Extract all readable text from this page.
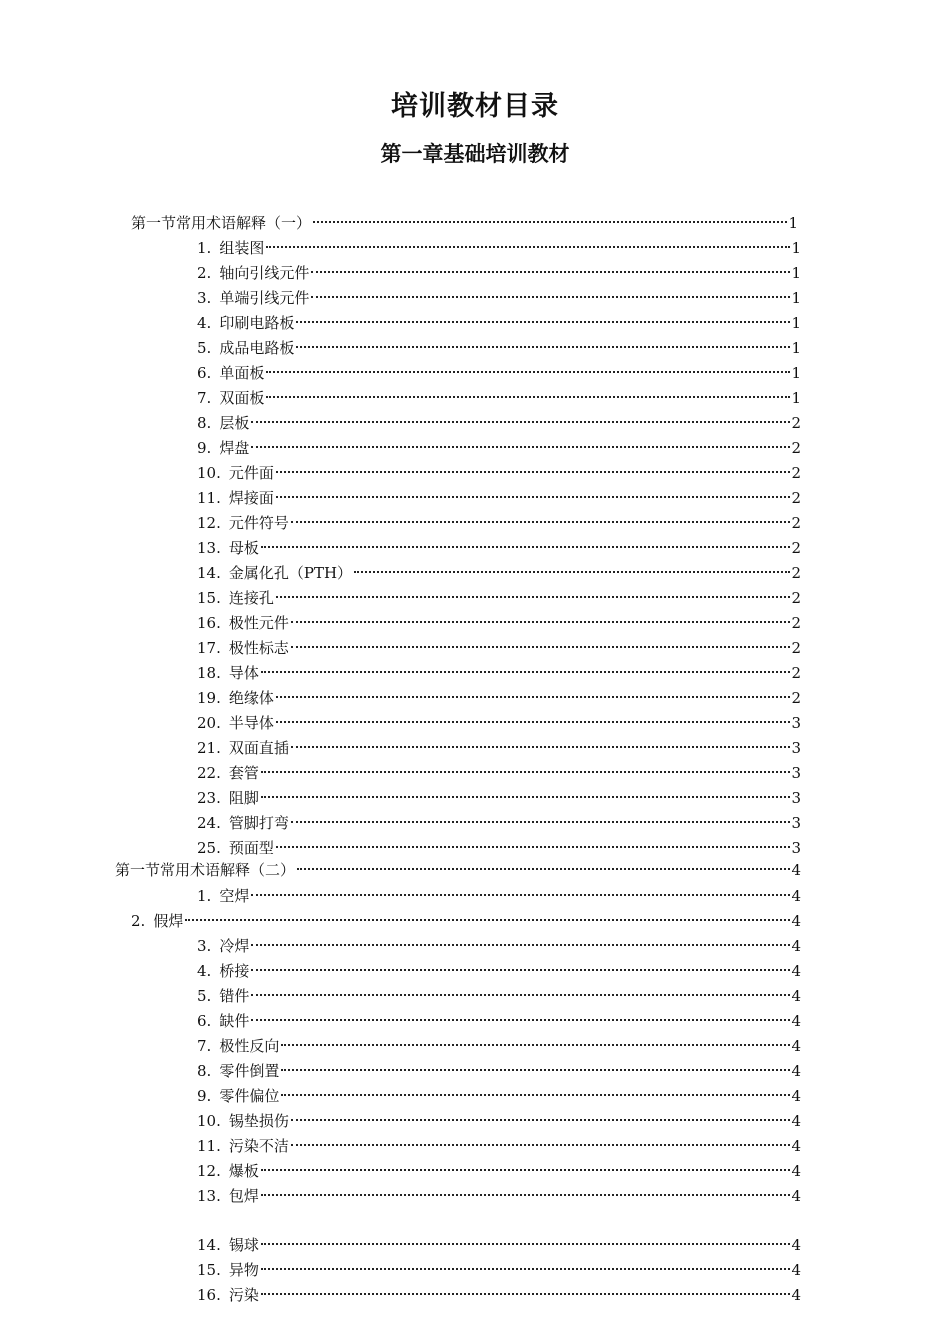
培训教材目录
第一章基础培训教材
第一节常用术语解释（一）	1
1. 组装图	1
2. 轴向引线元件	1
3. 单端引线元件	1
4. 印刷电路板	1
5. 成品电路板	1
6. 单面板	1
7. 双面板	1
8. 层板	2
9. 焊盘	2
10. 元件面	2
11. 焊接面	2
12. 元件符号	2
13. 母板	2
14. 金属化孔（PTH）	2
15. 连接孔	2
16. 极性元件	2
17. 极性标志	2
18. 导体	2
19. 绝缘体	2
20. 半导体	3
21. 双面直插	3
22. 套管	3
23. 阻脚	3
24. 管脚打弯	3
25. 预面型	3
第一节常用术语解释（二）	4
1. 空焊	4
2. 假焊	4
3. 冷焊	4
4. 桥接	4
5. 错件	4
6. 缺件	4
7. 极性反向	4
8. 零件倒置	4
9. 零件偏位	4
10. 锡垫损伤	4
11. 污染不洁	4
12. 爆板	4
13. 包焊	4
14. 锡球	4
15. 异物	4
16. 污染	4
